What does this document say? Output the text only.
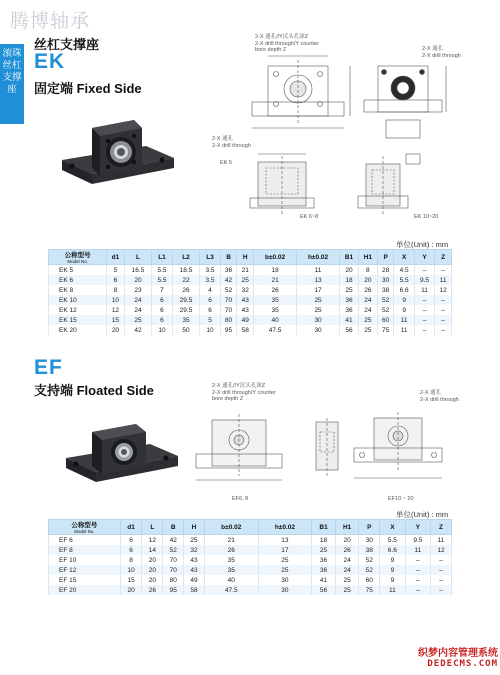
腾博轴承
滚珠丝杠支撑座
丝杠支撑座
EK
固定端 Fixed Side
2-X 通孔//Y沉头孔深Z
2-X drill through/Y counter
bore depth Z	2-X 通孔
2-X drill through
2-X 通孔
2-X drill through
EK 5
EK 6~8	EK 10~20
单位(Unit) : mm
公称型号
Model No.	d1	L	L1	L2	L3	B	H	b±0.02	h±0.02	B1	H1	P	X	Y	Z
EK 5	5	16.5	5.5	18.5	3.5	36	21	18	11	20	8	28	4.5	–	–
EK 6	6	20	5.5	22	3.5	42	25	21	13	18	20	30	5.5	9.5	11
EK 8	8	23	7	26	4	52	32	26	17	25	26	38	6.6	11	12
EK 10	10	24	6	29.5	6	70	43	35	25	36	24	52	9	–	–
EK 12	12	24	6	29.5	6	70	43	35	25	36	24	52	9	–	–
EK 15	15	25	6	35	5	80	49	40	30	41	25	60	11	–	–
EK 20	20	42	10	50	10	95	58	47.5	30	56	25	75	11	–	–
EF
支持端 Floated Side	2-X 通孔//Y沉头孔深Z
2-X drill through/Y counter
bore depth Z
2-X 通孔
2-X drill through
EF6, 8	EF10 ~ 20
单位(Unit) : mm
公称型号
Model No.	d1	L	B	H	b±0.02	h±0.02	B1	H1	P	X	Y	Z
EF 6	6	12	42	25	21	13	18	20	30	5.5	9.5	11
EF 8	6	14	52	32	26	17	25	26	38	6.6	11	12
EF 10	8	20	70	43	35	25	36	24	52	9	–	–
EF 12	10	20	70	43	35	25	36	24	52	9	–	–
EF 15	15	20	80	49	40	30	41	25	60	9	–	–
EF 20	20	26	95	58	47.5	30	56	25	75	11	–	–
织梦内容管理系统
DEDECMS.COM
